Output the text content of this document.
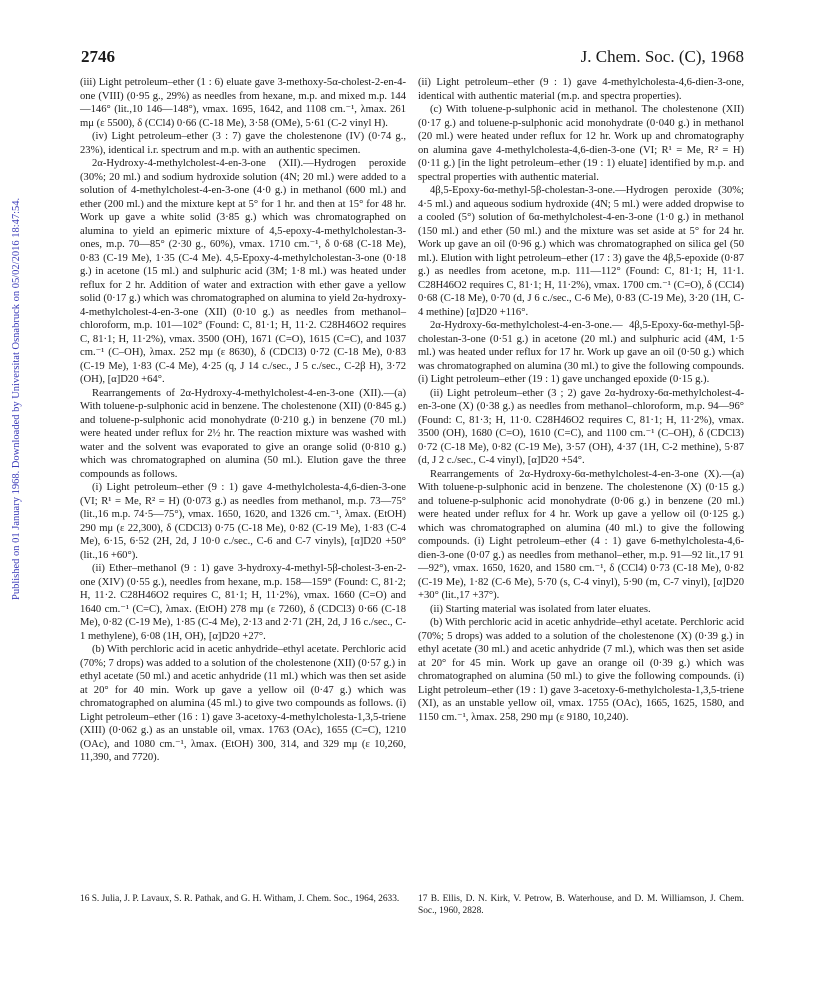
Published on 01 January 1968. Downloaded by Universitat Osnabruck on 05/02/2016 18:47:54.
2746	J. Chem. Soc. (C), 1968

(iii) Light petroleum–ether (1 : 6) eluate gave 3-methoxy-5α-cholest-2-en-4-one (VIII) (0·95 g., 29%) as needles from hexane, m.p. and mixed m.p. 144—146° (lit.,10 146—148°), νmax. 1695, 1642, and 1108 cm.⁻¹, λmax. 261 mμ (ε 5500), δ (CCl4) 0·66 (C-18 Me), 3·58 (OMe), 5·61 (C-2 vinyl H).

(iv) Light petroleum–ether (3 : 7) gave the cholestenone (IV) (0·74 g., 23%), identical i.r. spectrum and m.p. with an authentic specimen.

2α-Hydroxy-4-methylcholest-4-en-3-one (XII).—Hydrogen peroxide (30%; 20 ml.) and sodium hydroxide solution (4N; 20 ml.) were added to a solution of 4-methylcholest-4-en-3-one (4·0 g.) in methanol (600 ml.) and ether (200 ml.) and the mixture kept at 5° for 1 hr. and then at 15° for 48 hr. Work up gave a white solid (3·85 g.) which was chromatographed on alumina to yield an epimeric mixture of 4,5-epoxy-4-methylcholestan-3-ones, m.p. 70—85° (2·30 g., 60%), νmax. 1710 cm.⁻¹, δ 0·68 (C-18 Me), 0·83 (C-19 Me), 1·35 (C-4 Me). 4,5-Epoxy-4-methylcholestan-3-one (0·18 g.) in acetone (15 ml.) and sulphuric acid (3M; 1·8 ml.) was heated under reflux for 2 hr. Addition of water and extraction with ether gave a yellow solid (0·17 g.) which was chromatographed on alumina to yield 2α-hydroxy-4-methylcholest-4-en-3-one (XII) (0·10 g.) as needles from methanol–chloroform, m.p. 101—102° (Found: C, 81·1; H, 11·2. C28H46O2 requires C, 81·1; H, 11·2%), νmax. 3500 (OH), 1671 (C=O), 1615 (C=C), and 1037 cm.⁻¹ (C–OH), λmax. 252 mμ (ε 8630), δ (CDCl3) 0·72 (C-18 Me), 0·83 (C-19 Me), 1·83 (C-4 Me), 4·25 (q, J 14 c./sec., J 5 c./sec., C-2β H), 3·72 (OH), [α]D20 +64°.

Rearrangements of 2α-Hydroxy-4-methylcholest-4-en-3-one (XII).—(a) With toluene-p-sulphonic acid in benzene. The cholestenone (XII) (0·845 g.) and toluene-p-sulphonic acid monohydrate (0·210 g.) in benzene (70 ml.) were heated under reflux for 2½ hr. The reaction mixture was washed with water and the solvent was evaporated to give an orange solid (0·810 g.) which was chromatographed on alumina (50 ml.). Elution gave the three compounds as follows.

(i) Light petroleum–ether (9 : 1) gave 4-methylcholesta-4,6-dien-3-one (VI; R¹ = Me, R² = H) (0·073 g.) as needles from methanol, m.p. 73—75° (lit.,16 m.p. 74·5—75°), νmax. 1650, 1620, and 1326 cm.⁻¹, λmax. (EtOH) 290 mμ (ε 22,300), δ (CDCl3) 0·75 (C-18 Me), 0·82 (C-19 Me), 1·83 (C-4 Me), 6·15, 6·52 (2H, 2d, J 10·0 c./sec., C-6 and C-7 vinyls), [α]D20 +50° (lit.,16 +60°).

(ii) Ether–methanol (9 : 1) gave 3-hydroxy-4-methyl-5β-cholest-3-en-2-one (XIV) (0·55 g.), needles from hexane, m.p. 158—159° (Found: C, 81·2; H, 11·2. C28H46O2 requires C, 81·1; H, 11·2%), νmax. 1660 (C=O) and 1640 cm.⁻¹ (C=C), λmax. (EtOH) 278 mμ (ε 7260), δ (CDCl3) 0·66 (C-18 Me), 0·82 (C-19 Me), 1·85 (C-4 Me), 2·13 and 2·71 (2H, 2d, J 16 c./sec., C-1 methylene), 6·08 (1H, OH), [α]D20 +27°.

(b) With perchloric acid in acetic anhydride–ethyl acetate. Perchloric acid (70%; 7 drops) was added to a solution of the cholestenone (XII) (0·57 g.) in ethyl acetate (50 ml.) and acetic anhydride (11 ml.) which was then set aside at 20° for 40 min. Work up gave a yellow oil (0·47 g.) which was chromatographed on alumina (45 ml.) to give two compounds as follows. (i) Light petroleum–ether (16 : 1) gave 3-acetoxy-4-methylcholesta-1,3,5-triene (XIII) (0·062 g.) as an unstable oil, νmax. 1763 (OAc), 1655 (C=C), 1210 (OAc), and 1080 cm.⁻¹, λmax. (EtOH) 300, 314, and 329 mμ (ε 10,260, 11,390, and 7720).

(ii) Light petroleum–ether (9 : 1) gave 4-methylcholesta-4,6-dien-3-one, identical with authentic material (m.p. and spectra properties).

(c) With toluene-p-sulphonic acid in methanol. The cholestenone (XII) (0·17 g.) and toluene-p-sulphonic acid monohydrate (0·040 g.) in methanol (20 ml.) were heated under reflux for 12 hr. Work up and chromatography on alumina gave 4-methylcholesta-4,6-dien-3-one (VI; R¹ = Me, R² = H) (0·11 g.) [in the light petroleum–ether (19 : 1) eluate] identified by m.p. and spectral properties with authentic material.

4β,5-Epoxy-6α-methyl-5β-cholestan-3-one.—Hydrogen peroxide (30%; 4·5 ml.) and aqueous sodium hydroxide (4N; 5 ml.) were added dropwise to a cooled (5°) solution of 6α-methylcholest-4-en-3-one (1·0 g.) in methanol (150 ml.) and ether (50 ml.) and the mixture was set aside at 5° for 24 hr. Work up gave an oil (0·96 g.) which was chromatographed on silica gel (50 ml.). Elution with light petroleum–ether (17 : 3) gave the 4β,5-epoxide (0·87 g.) as needles from acetone, m.p. 111—112° (Found: C, 81·1; H, 11·1. C28H46O2 requires C, 81·1; H, 11·2%), νmax. 1700 cm.⁻¹ (C=O), δ (CCl4) 0·68 (C-18 Me), 0·70 (d, J 6 c./sec., C-6 Me), 0·83 (C-19 Me), 3·20 (1H, C-4 methine) [α]D20 +116°.

2α-Hydroxy-6α-methylcholest-4-en-3-one.— 4β,5-Epoxy-6α-methyl-5β-cholestan-3-one (0·51 g.) in acetone (20 ml.) and sulphuric acid (4M, 1·5 ml.) was heated under reflux for 17 hr. Work up gave an oil (0·50 g.) which was chromatographed on alumina (30 ml.) to give the following compounds. (i) Light petroleum–ether (19 : 1) gave unchanged epoxide (0·15 g.).

(ii) Light petroleum–ether (3 ; 2) gave 2α-hydroxy-6α-methylcholest-4-en-3-one (X) (0·38 g.) as needles from methanol–chloroform, m.p. 94—96° (Found: C, 81·3; H, 11·0. C28H46O2 requires C, 81·1; H, 11·2%), νmax. 3500 (OH), 1680 (C=O), 1610 (C=C), and 1100 cm.⁻¹ (C–OH), δ (CDCl3) 0·72 (C-18 Me), 0·82 (C-19 Me), 3·57 (OH), 4·37 (1H, C-2 methine), 5·87 (d, J 2 c./sec., C-4 vinyl), [α]D20 +54°.

Rearrangements of 2α-Hydroxy-6α-methylcholest-4-en-3-one (X).—(a) With toluene-p-sulphonic acid in benzene. The cholestenone (X) (0·15 g.) and toluene-p-sulphonic acid monohydrate (0·06 g.) in benzene (20 ml.) were heated under reflux for 4 hr. Work up gave a yellow oil (0·125 g.) which was chromatographed on alumina (40 ml.) to give the following compounds. (i) Light petroleum–ether (4 : 1) gave 6-methylcholesta-4,6-dien-3-one (0·07 g.) as needles from methanol–ether, m.p. 91—92 lit.,17 91—92°), νmax. 1650, 1620, and 1580 cm.⁻¹, δ (CCl4) 0·73 (C-18 Me), 0·82 (C-19 Me), 1·82 (C-6 Me), 5·70 (s, C-4 vinyl), 5·90 (m, C-7 vinyl), [α]D20 +30° (lit.,17 +37°).

(ii) Starting material was isolated from later eluates.

(b) With perchloric acid in acetic anhydride–ethyl acetate. Perchloric acid (70%; 5 drops) was added to a solution of the cholestenone (X) (0·39 g.) in ethyl acetate (30 ml.) and acetic anhydride (7 ml.), which was then set aside at 20° for 45 min. Work up gave an orange oil (0·39 g.) which was chromatographed on alumina (50 ml.) to give the following compounds. (i) Light petroleum–ether (19 : 1) gave 3-acetoxy-6-methylcholesta-1,3,5-triene (XI), as an unstable yellow oil, νmax. 1755 (OAc), 1665, 1625, 1580, and 1150 cm.⁻¹, λmax. 258, 290 mμ (ε 9180, 10,240).

16 S. Julia, J. P. Lavaux, S. R. Pathak, and G. H. Witham, J. Chem. Soc., 1964, 2633.	17 B. Ellis, D. N. Kirk, V. Petrow, B. Waterhouse, and D. M. Williamson, J. Chem. Soc., 1960, 2828.
